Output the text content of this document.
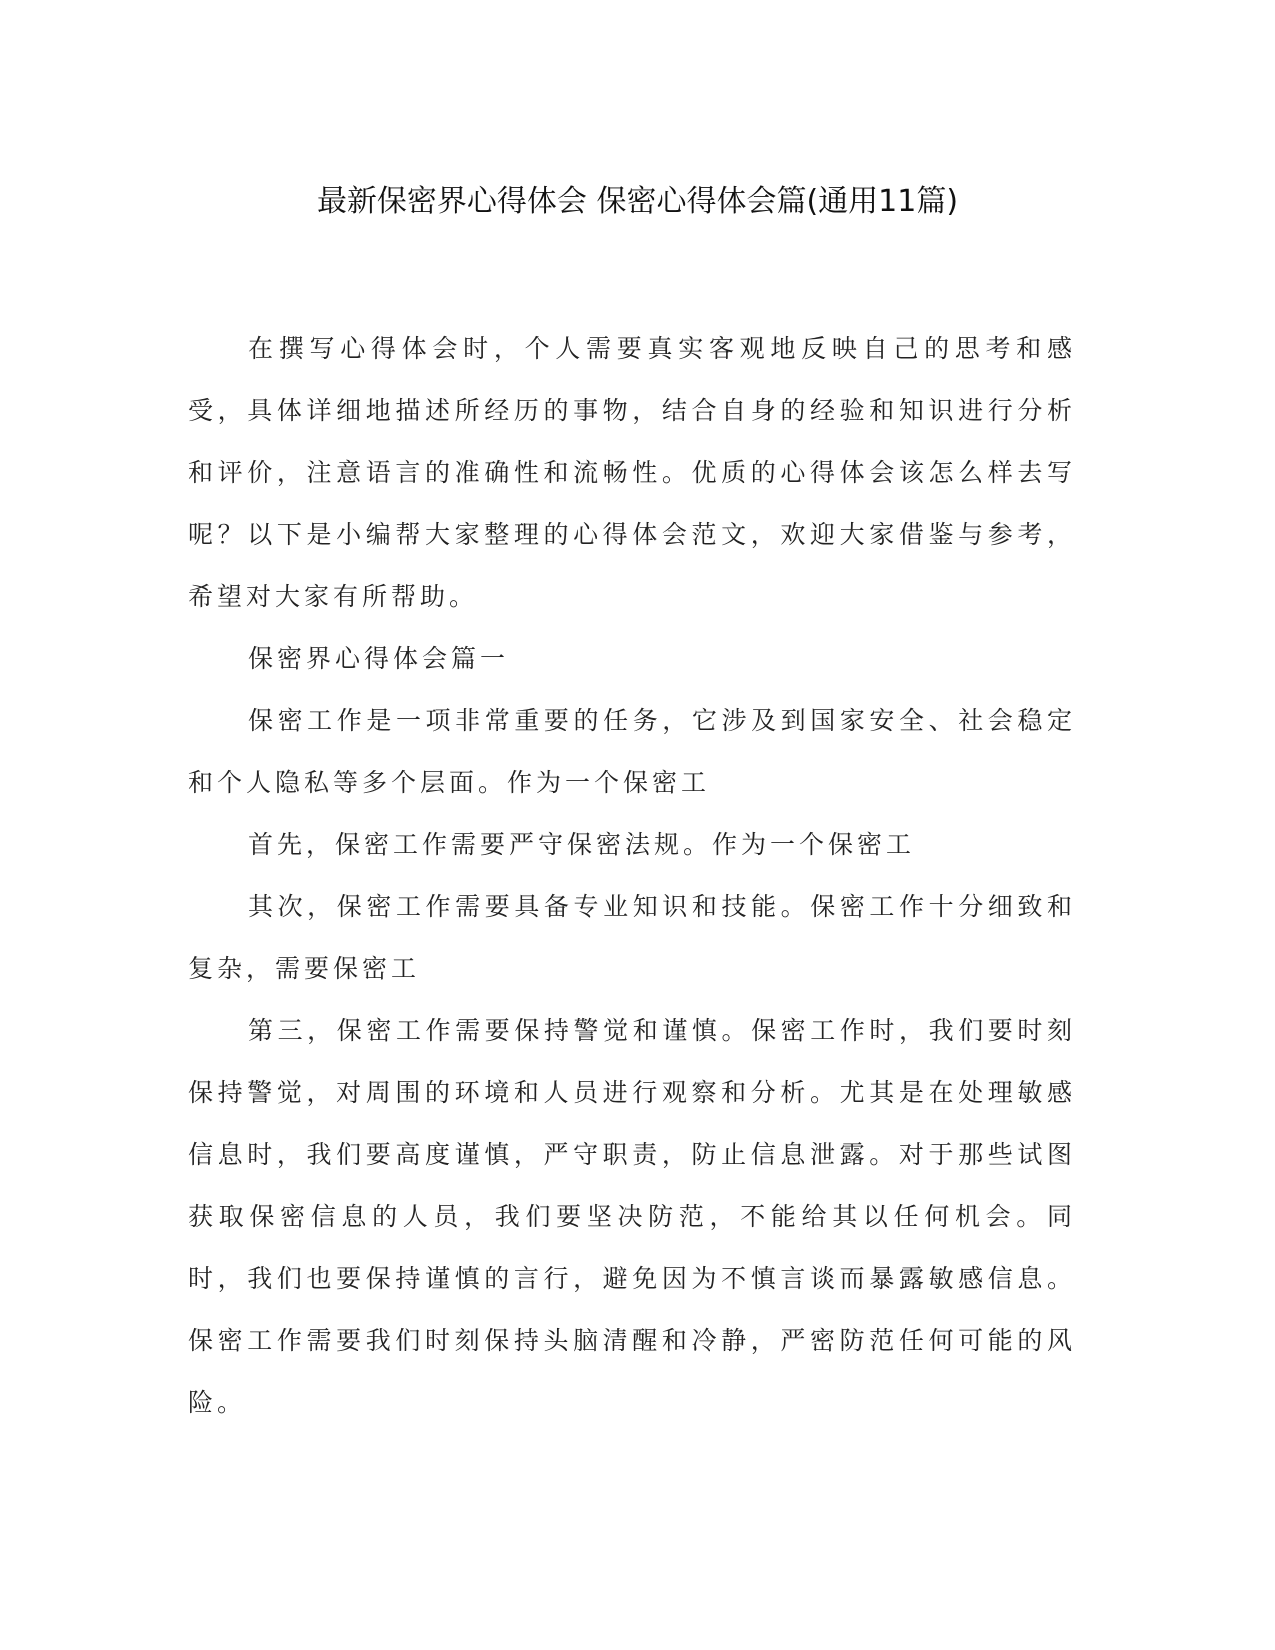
最新保密界心得体会 保密心得体会篇(通用11篇)

在撰写心得体会时，个人需要真实客观地反映自己的思考和感受，具体详细地描述所经历的事物，结合自身的经验和知识进行分析和评价，注意语言的准确性和流畅性。优质的心得体会该怎么样去写呢？以下是小编帮大家整理的心得体会范文，欢迎大家借鉴与参考，希望对大家有所帮助。

保密界心得体会篇一

保密工作是一项非常重要的任务，它涉及到国家安全、社会稳定和个人隐私等多个层面。作为一个保密工

首先，保密工作需要严守保密法规。作为一个保密工

其次，保密工作需要具备专业知识和技能。保密工作十分细致和复杂，需要保密工

第三，保密工作需要保持警觉和谨慎。保密工作时，我们要时刻保持警觉，对周围的环境和人员进行观察和分析。尤其是在处理敏感信息时，我们要高度谨慎，严守职责，防止信息泄露。对于那些试图获取保密信息的人员，我们要坚决防范，不能给其以任何机会。同时，我们也要保持谨慎的言行，避免因为不慎言谈而暴露敏感信息。保密工作需要我们时刻保持头脑清醒和冷静，严密防范任何可能的风险。
